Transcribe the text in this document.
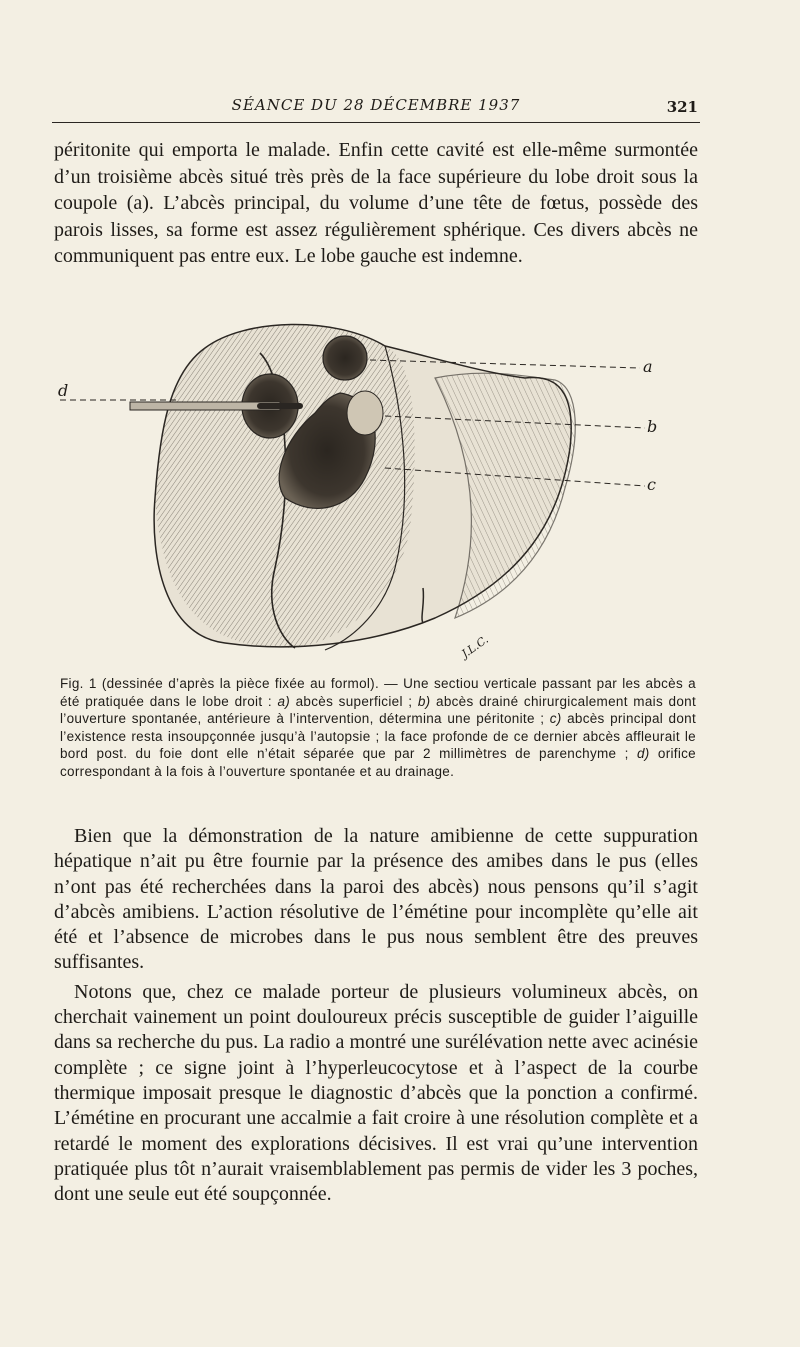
SÉANCE DU 28 DÉCEMBRE 1937	321

péritonite qui emporta le malade. Enfin cette cavité est elle-même surmontée d’un troisième abcès situé très près de la face supérieure du lobe droit sous la coupole (a). L’abcès principal, du volume d’une tête de fœtus, possède des parois lisses, sa forme est assez régulièrement sphérique. Ces divers abcès ne communiquent pas entre eux. Le lobe gauche est indemne.

d
a
b
c
J.L.C.
Fig. 1 (dessinée d’après la pièce fixée au formol). — Une sectiou verticale passant par les abcès a été pratiquée dans le lobe droit : a) abcès superficiel ; b) abcès drainé chirurgicalement mais dont l’ouverture spontanée, antérieure à l’intervention, détermina une péritonite ; c) abcès principal dont l’existence resta insoupçonnée jusqu’à l’autopsie ; la face profonde de ce dernier abcès affleurait le bord post. du foie dont elle n’était séparée que par 2 millimètres de parenchyme ; d) orifice correspondant à la fois à l’ouverture spontanée et au drainage.

Bien que la démonstration de la nature amibienne de cette suppuration hépatique n’ait pu être fournie par la présence des amibes dans le pus (elles n’ont pas été recherchées dans la paroi des abcès) nous pensons qu’il s’agit d’abcès amibiens. L’action résolutive de l’émétine pour incomplète qu’elle ait été et l’absence de microbes dans le pus nous semblent être des preuves suffisantes.

Notons que, chez ce malade porteur de plusieurs volumineux abcès, on cherchait vainement un point douloureux précis susceptible de guider l’aiguille dans sa recherche du pus. La radio a montré une surélévation nette avec acinésie complète ; ce signe joint à l’hyperleucocytose et à l’aspect de la courbe thermique imposait presque le diagnostic d’abcès que la ponction a confirmé. L’émétine en procurant une accalmie a fait croire à une résolution complète et a retardé le moment des explorations décisives. Il est vrai qu’une intervention pratiquée plus tôt n’aurait vraisemblablement pas permis de vider les 3 poches, dont une seule eut été soupçonnée.
